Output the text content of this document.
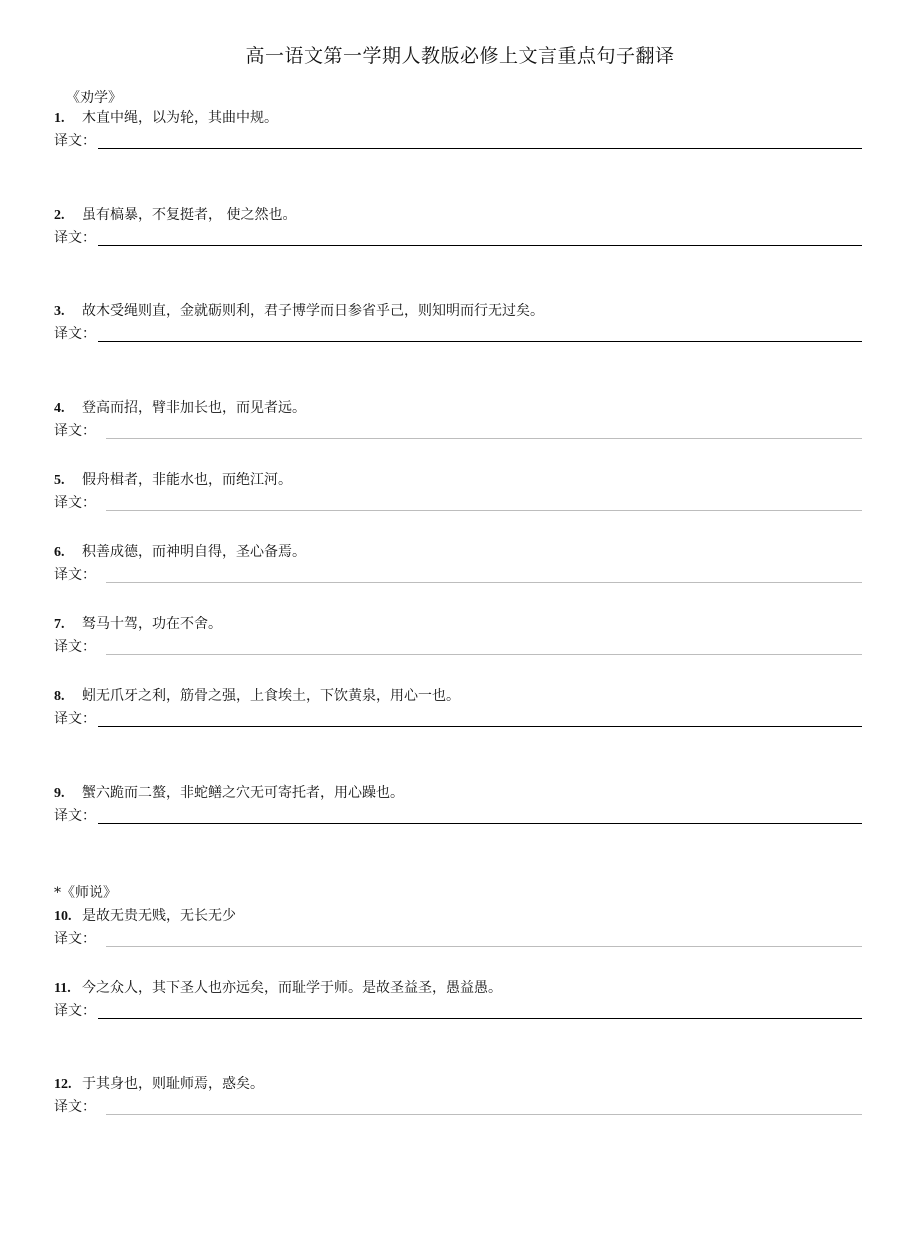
高一语文第一学期人教版必修上文言重点句子翻译
《劝学》
*《师说》
1. 木直中绳，以为轮，其曲中规。
译文：
2. 虽有槁暴，不复挺者， 使之然也。
译文：
3. 故木受绳则直，金就砺则利，君子博学而日参省乎己，则知明而行无过矣。
译文：
4. 登高而招，臂非加长也，而见者远。
译文：
5. 假舟楫者，非能水也，而绝江河。
译文：
6. 积善成德，而神明自得，圣心备焉。
译文：
7. 驽马十驾，功在不舍。
译文：
8. 蚓无爪牙之利，筋骨之强，上食埃土，下饮黄泉，用心一也。
译文：
9. 蟹六跪而二螯，非蛇鳝之穴无可寄托者，用心躁也。
译文：
10. 是故无贵无贱，无长无少
译文：
11. 今之众人，其下圣人也亦远矣，而耻学于师。是故圣益圣，愚益愚。
译文：
12. 于其身也，则耻师焉，惑矣。
译文：
